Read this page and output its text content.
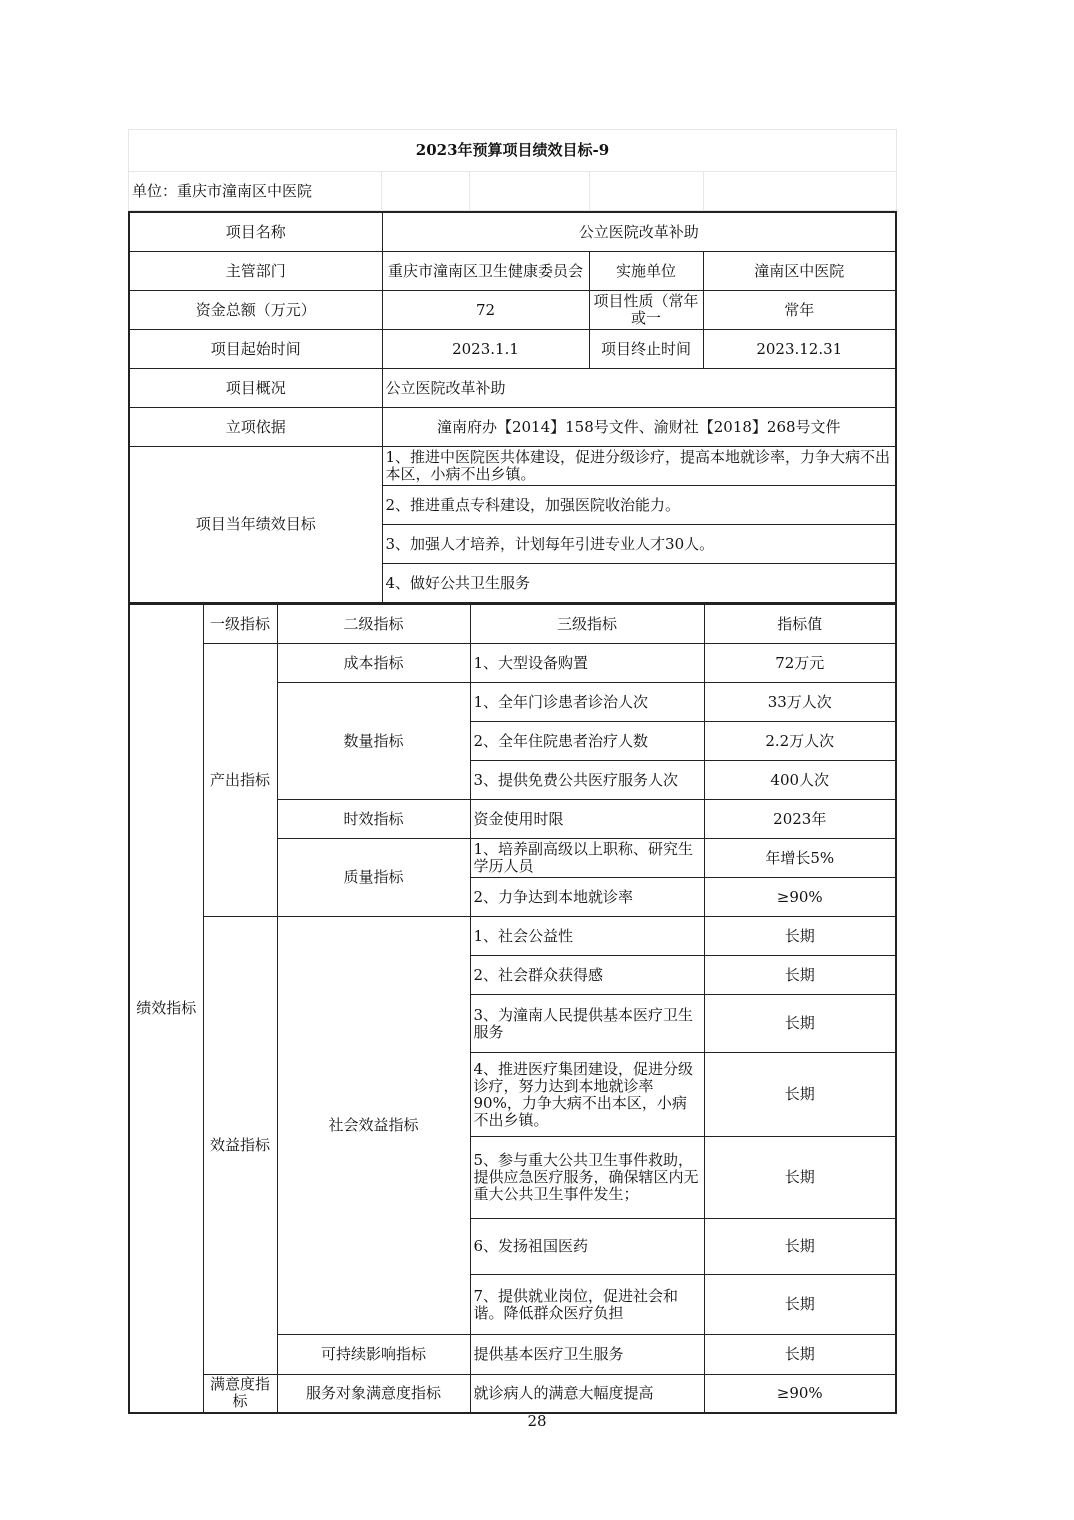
2023年预算项目绩效目标-9
单位：重庆市潼南区中医院				
项目名称	公立医院改革补助		
主管部门	重庆市潼南区卫生健康委员会	实施单位	潼南区中医院
资金总额（万元）	72	项目性质（常年或一	常年
项目起始时间	2023.1.1	项目终止时间	2023.12.31
项目概况	公立医院改革补助		
立项依据	潼南府办【2014】158号文件、渝财社【2018】268号文件		
项目当年绩效目标	1、推进中医院医共体建设，促进分级诊疗，提高本地就诊率，力争大病不出本区，小病不出乡镇。		
	2、推进重点专科建设，加强医院收治能力。		
	3、加强人才培养，计划每年引进专业人才30人。		
	4、做好公共卫生服务		
绩效指标	一级指标	二级指标	三级指标	指标值
	产出指标	成本指标	1、大型设备购置	72万元
		数量指标	1、全年门诊患者诊治人次	33万人次
			2、全年住院患者治疗人数	2.2万人次
			3、提供免费公共医疗服务人次	400人次
		时效指标	资金使用时限	2023年
		质量指标	1、培养副高级以上职称、研究生学历人员	年增长5%
			2、力争达到本地就诊率	≥90%
	效益指标	社会效益指标	1、社会公益性	长期
			2、社会群众获得感	长期
			3、为潼南人民提供基本医疗卫生服务	长期
			4、推进医疗集团建设，促进分级诊疗，努力达到本地就诊率90%，力争大病不出本区，小病不出乡镇。	长期
			5、参与重大公共卫生事件救助，提供应急医疗服务，确保辖区内无重大公共卫生事件发生；	长期
			6、发扬祖国医药	长期
			7、提供就业岗位，促进社会和谐。降低群众医疗负担	长期
		可持续影响指标	提供基本医疗卫生服务	长期
	满意度指标	服务对象满意度指标	就诊病人的满意大幅度提高	≥90%
28
